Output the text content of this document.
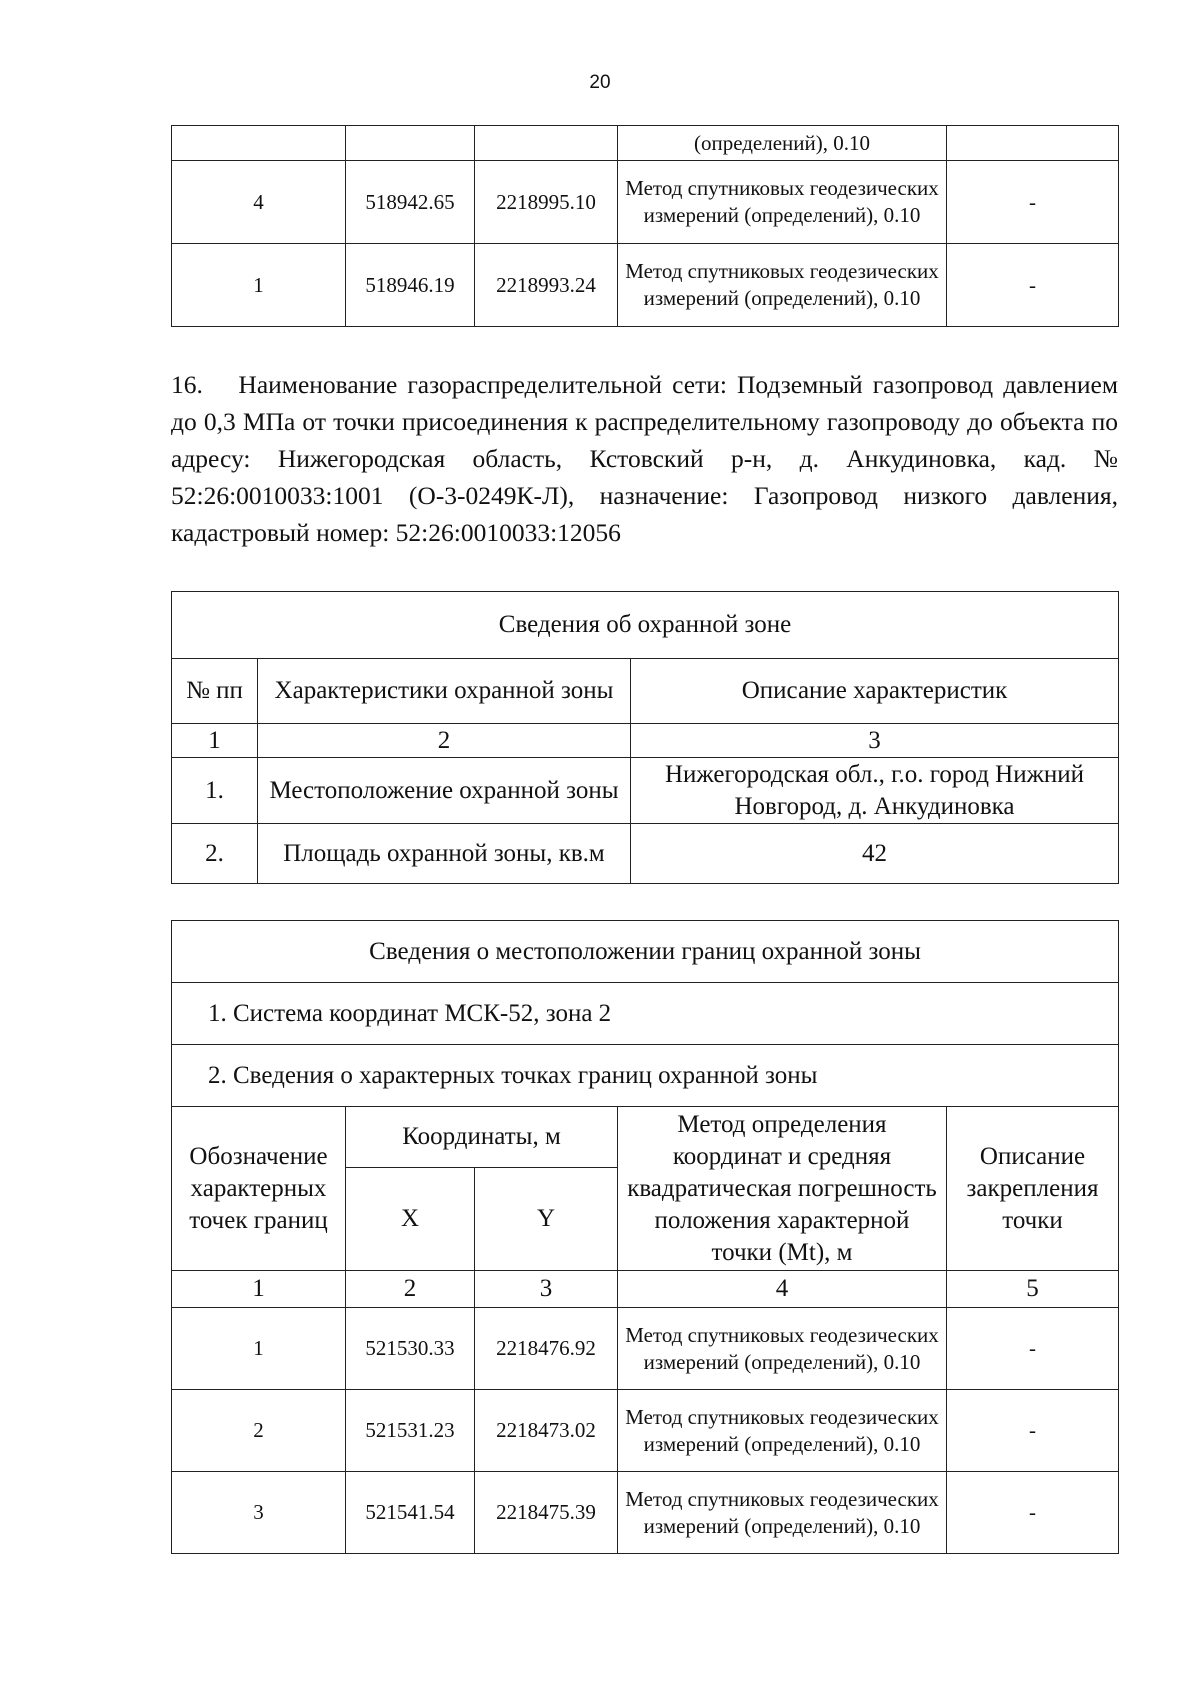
20
			(определений), 0.10	
4	518942.65	2218995.10	Метод спутниковых геодезических измерений (определений), 0.10	-
1	518946.19	2218993.24	Метод спутниковых геодезических измерений (определений), 0.10	-

16.  Наименование газораспределительной сети: Подземный газопровод давлением до 0,3 МПа от точки присоединения к распределительному газопроводу до объекта по адресу: Нижегородская область, Кстовский р-н, д. Анкудиновка, кад. № 52:26:0010033:1001 (О-3-0249К-Л), назначение: Газопровод низкого давления, кадастровый номер: 52:26:0010033:12056

Сведения об охранной зоне		
№ пп	Характеристики охранной зоны	Описание характеристик
1	2	3
1.	Местоположение охранной зоны	Нижегородская обл., г.о. город Нижний Новгород, д. Анкудиновка
2.	Площадь охранной зоны, кв.м	42
Сведения о местоположении границ охранной зоны				
1. Система координат МСК-52, зона 2				
2. Сведения о характерных точках границ охранной зоны				
Обозначение характерных точек границ	Координаты, м		Метод определения координат и средняя квадратическая погрешность положения характерной точки (Mt), м	Описание закрепления точки
	X	Y		
1	2	3	4	5
1	521530.33	2218476.92	Метод спутниковых геодезических измерений (определений), 0.10	-
2	521531.23	2218473.02	Метод спутниковых геодезических измерений (определений), 0.10	-
3	521541.54	2218475.39	Метод спутниковых геодезических измерений (определений), 0.10	-
